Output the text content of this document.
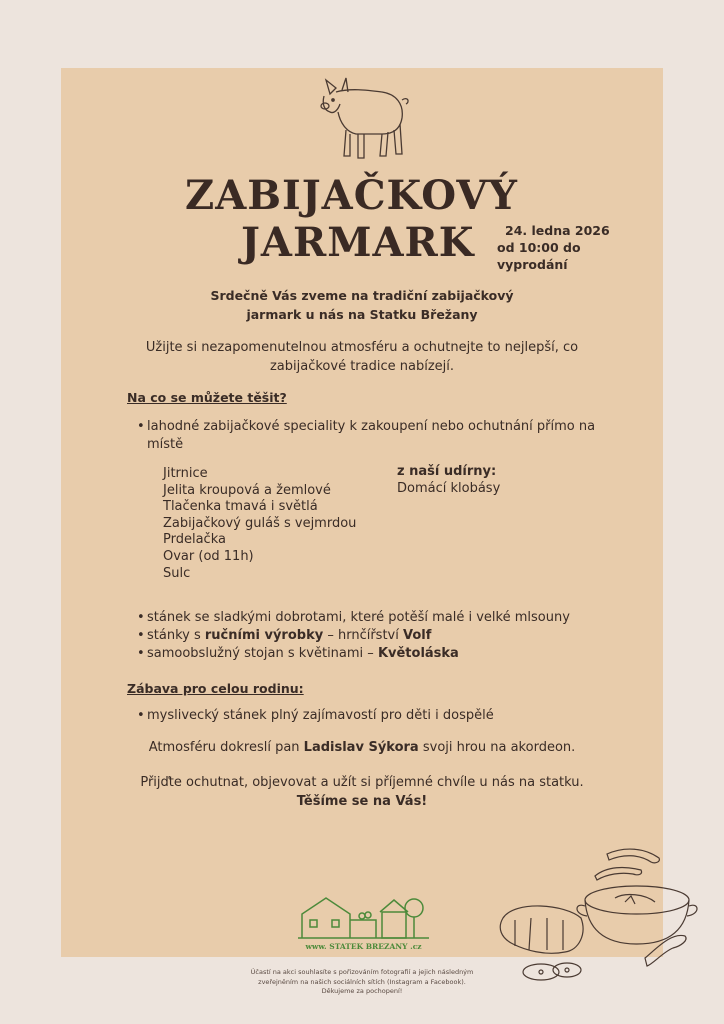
ZABIJAČKOVÝ
JARMARK	24. ledna 2026
od 10:00 do vyprodání
Srdečně Vás zveme na tradiční zabijačkový
jarmark u nás na Statku Břežany
Užijte si nezapomenutelnou atmosféru a ochutnejte to nejlepší, co
zabijačkové tradice nabízejí.
Na co se můžete těšit?
• lahodné zabijačkové speciality k zakoupení nebo ochutnání přímo na
místě
Jitrnice
Jelita kroupová a žemlové
Tlačenka tmavá i světlá
Zabijačkový guláš s vejmrdou
Prdelačka
Ovar (od 11h)
Sulc
z naší udírny:
Domácí klobásy
• stánek se sladkými dobrotami, které potěší malé i velké mlsouny
• stánky s ručními výrobky – hrnčířství Volf
• samoobslužný stojan s květinami – Květoláska
Zábava pro celou rodinu:
• myslivecký stánek plný zajímavostí pro děti i dospělé
Atmosféru dokreslí pan Ladislav Sýkora svoji hrou na akordeon.
Přijďte ochutnat, objevovat a užít si příjemné chvíle u nás na statku.
Těšíme se na Vás!
www. STATEK BREZANY .cz
Účastí na akci souhlasíte s pořizováním fotografií a jejich následným
zveřejněním na našich sociálních sítích (Instagram a Facebook).
Děkujeme za pochopení!
